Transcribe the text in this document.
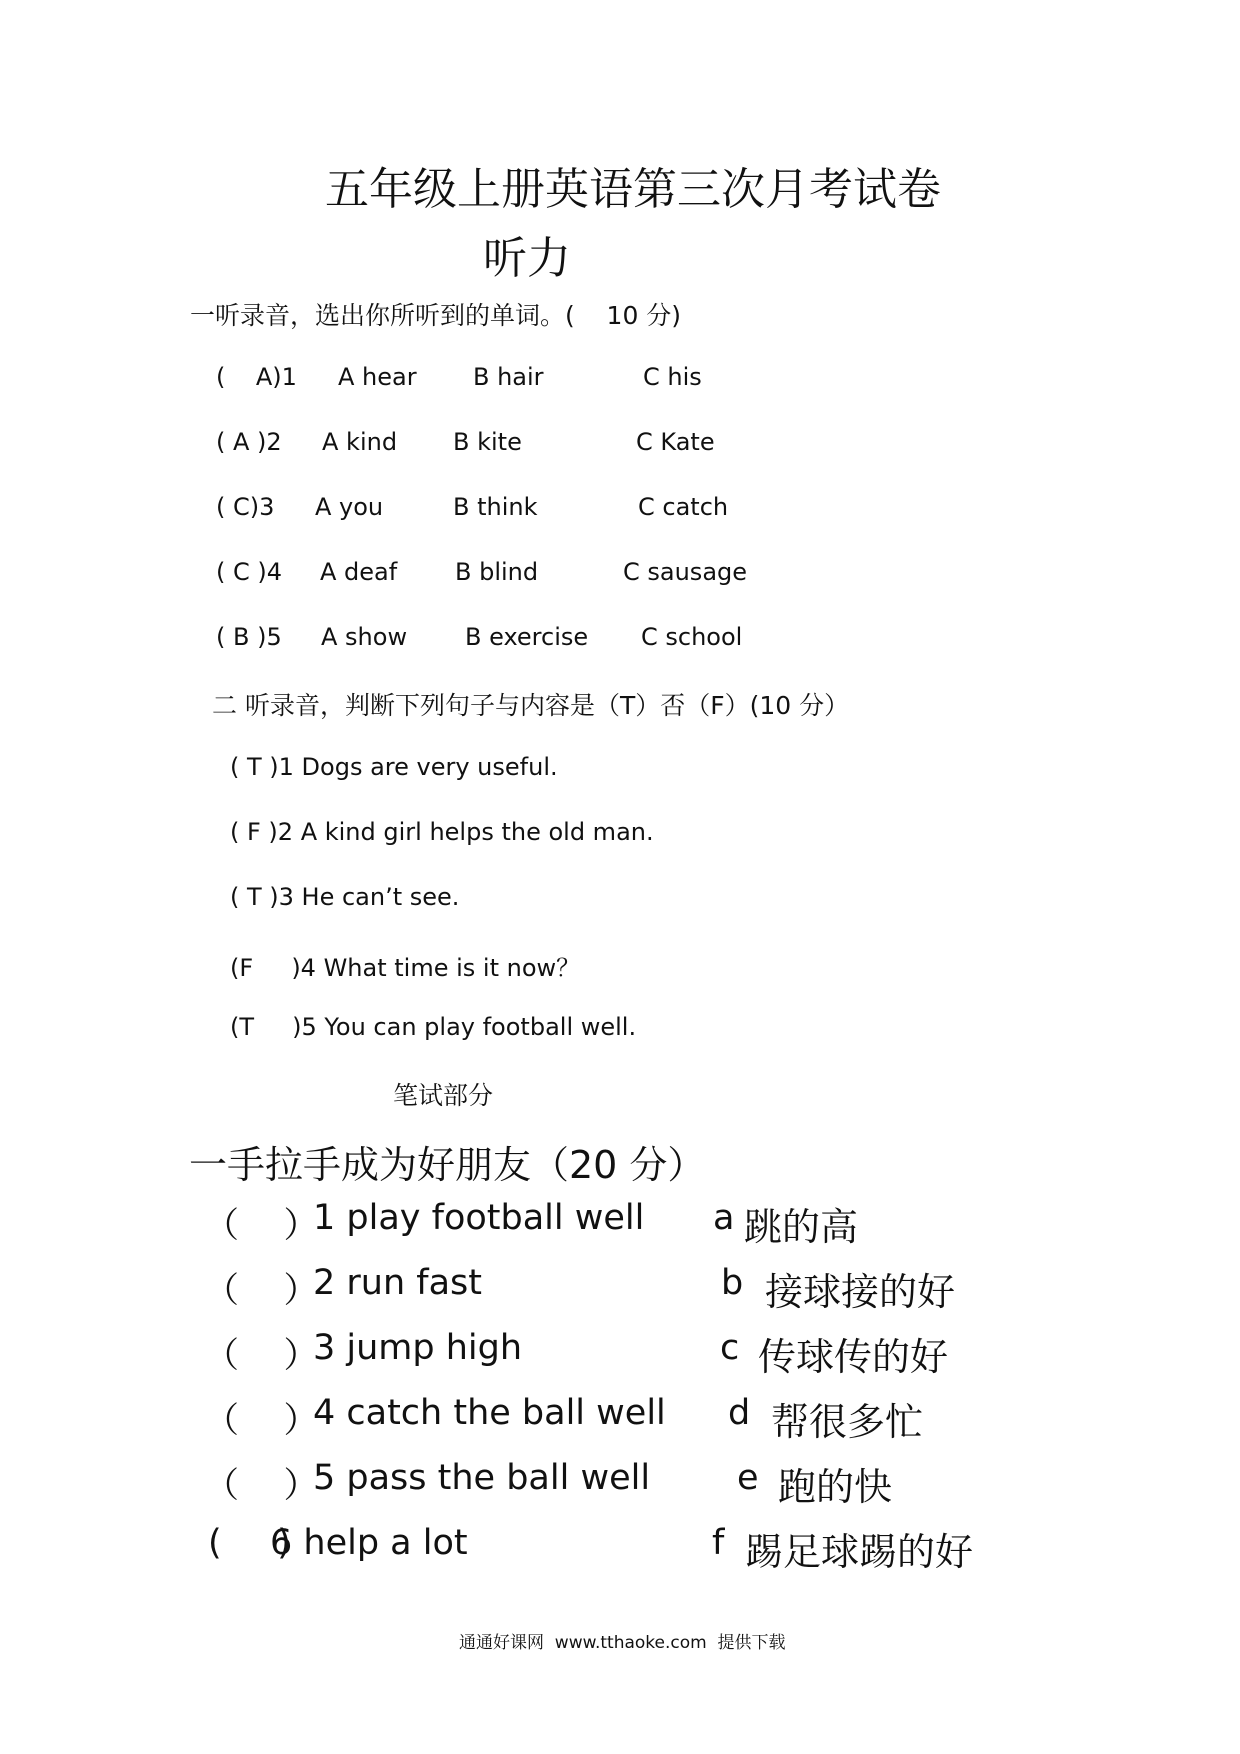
五年级上册英语第三次月考试卷
听力
一听录音，选出你所听到的单词。(    10 分)
(    A)1 A hear B hair	C his
( A )2 A kind B kite	C Kate
( C)3 A you	B think	C catch
( C )4 A deaf B blind	C sausage
( B )5 A show B exercise C school
二 听录音，判断下列句子与内容是（T）否（F）(10 分）
( T )1 Dogs are very useful.
( F )2 A kind girl helps the old man.
( T )3 He can’t see.
(F     )4 What time is it now？
(T     )5 You can play football well.
笔试部分
一手拉手成为好朋友（20 分）
（    ）
1 play football well a 跳的高
（    ）
2 run fast	b 接球接的好
（    ）
3 jump high	c 传球传的好
（    ）
4 catch the ball well d 帮很多忙
（    ）
5 pass the ball well e 跑的快
(     )
6 help a lot	f 踢足球踢的好
通通好课网  www.tthaoke.com  提供下载
